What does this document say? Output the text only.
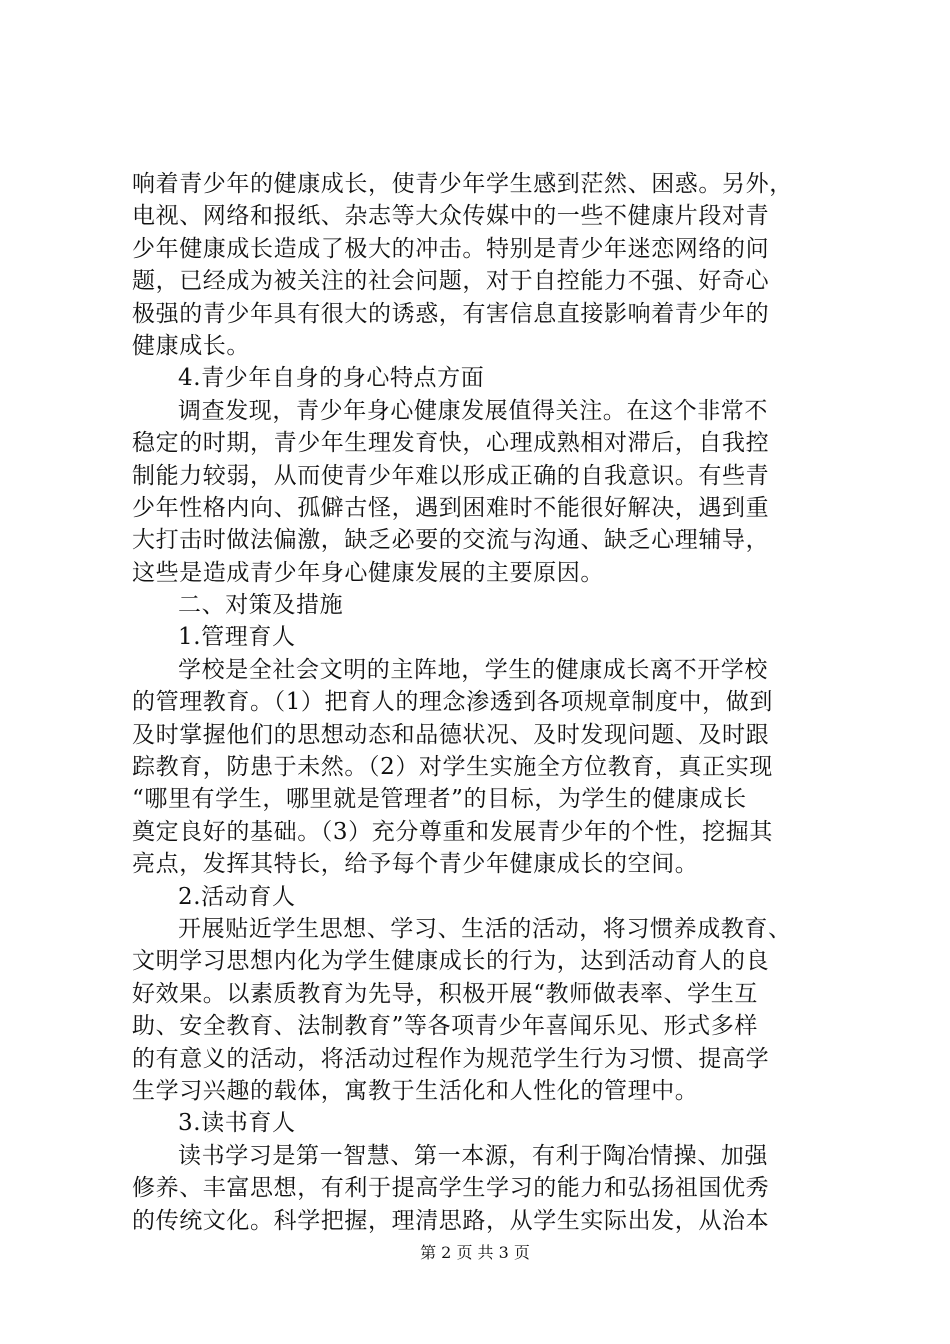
响着青少年的健康成长，使青少年学生感到茫然、困惑。另外，
电视、网络和报纸、杂志等大众传媒中的一些不健康片段对青
少年健康成长造成了极大的冲击。特别是青少年迷恋网络的问
题，已经成为被关注的社会问题，对于自控能力不强、好奇心
极强的青少年具有很大的诱惑，有害信息直接影响着青少年的
健康成长。
4.青少年自身的身心特点方面
调查发现，青少年身心健康发展值得关注。在这个非常不
稳定的时期，青少年生理发育快，心理成熟相对滞后，自我控
制能力较弱，从而使青少年难以形成正确的自我意识。有些青
少年性格内向、孤僻古怪，遇到困难时不能很好解决，遇到重
大打击时做法偏激，缺乏必要的交流与沟通、缺乏心理辅导，
这些是造成青少年身心健康发展的主要原因。
二、对策及措施
1.管理育人
学校是全社会文明的主阵地，学生的健康成长离不开学校
的管理教育。（1）把育人的理念渗透到各项规章制度中，做到
及时掌握他们的思想动态和品德状况、及时发现问题、及时跟
踪教育，防患于未然。（2）对学生实施全方位教育，真正实现
“哪里有学生，哪里就是管理者”的目标，为学生的健康成长
奠定良好的基础。（3）充分尊重和发展青少年的个性，挖掘其
亮点，发挥其特长，给予每个青少年健康成长的空间。
2.活动育人
开展贴近学生思想、学习、生活的活动，将习惯养成教育、
文明学习思想内化为学生健康成长的行为，达到活动育人的良
好效果。以素质教育为先导，积极开展“教师做表率、学生互
助、安全教育、法制教育”等各项青少年喜闻乐见、形式多样
的有意义的活动，将活动过程作为规范学生行为习惯、提高学
生学习兴趣的载体，寓教于生活化和人性化的管理中。
3.读书育人
读书学习是第一智慧、第一本源，有利于陶冶情操、加强
修养、丰富思想，有利于提高学生学习的能力和弘扬祖国优秀
的传统文化。科学把握，理清思路，从学生实际出发，从治本
第 2 页 共 3 页
